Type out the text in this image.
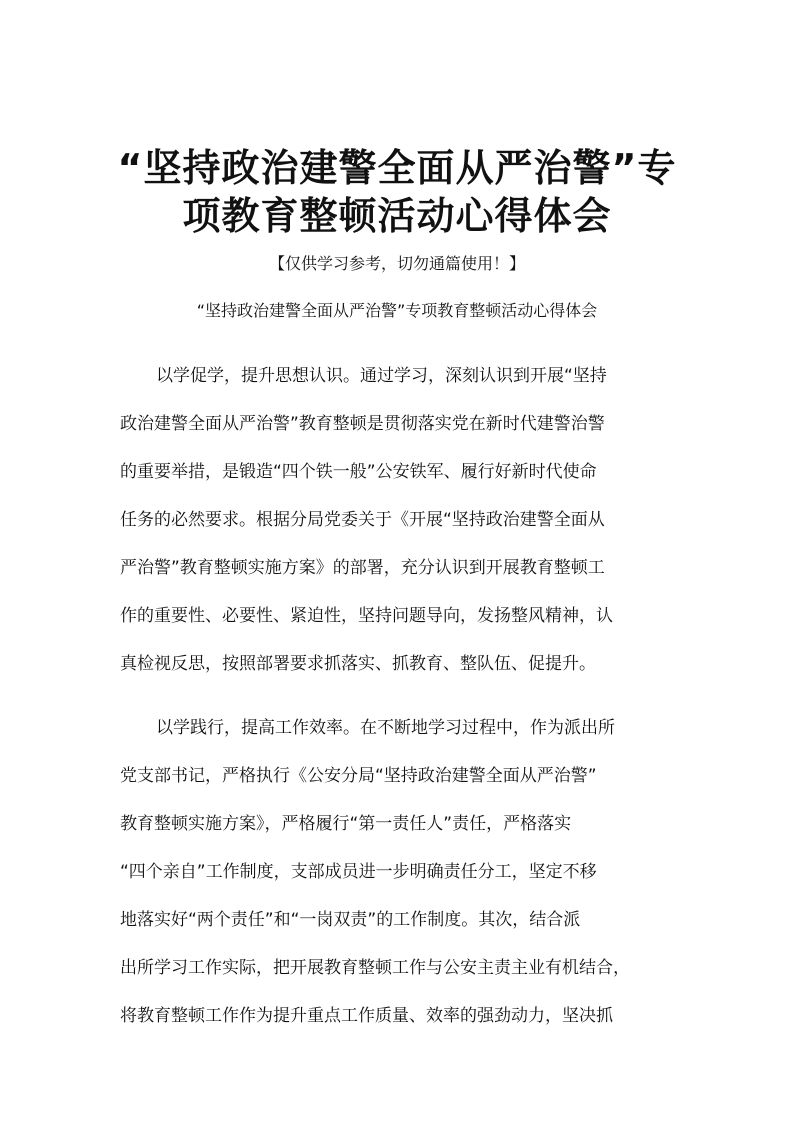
“坚持政治建警全面从严治警”专
项教育整顿活动心得体会
【仅供学习参考，切勿通篇使用！】
“坚持政治建警全面从严治警”专项教育整顿活动心得体会
以学促学，提升思想认识。通过学习，深刻认识到开展“坚持
政治建警全面从严治警”教育整顿是贯彻落实党在新时代建警治警
的重要举措，是锻造“四个铁一般”公安铁军、履行好新时代使命
任务的必然要求。根据分局党委关于《开展“坚持政治建警全面从
严治警”教育整顿实施方案》的部署，充分认识到开展教育整顿工
作的重要性、必要性、紧迫性，坚持问题导向，发扬整风精神，认
真检视反思，按照部署要求抓落实、抓教育、整队伍、促提升。
以学践行，提高工作效率。在不断地学习过程中，作为派出所
党支部书记，严格执行《公安分局“坚持政治建警全面从严治警”
教育整顿实施方案》，严格履行“第一责任人”责任，严格落实
“四个亲自”工作制度，支部成员进一步明确责任分工，坚定不移
地落实好“两个责任”和“一岗双责”的工作制度。其次，结合派
出所学习工作实际，把开展教育整顿工作与公安主责主业有机结合，
将教育整顿工作作为提升重点工作质量、效率的强劲动力，坚决抓
